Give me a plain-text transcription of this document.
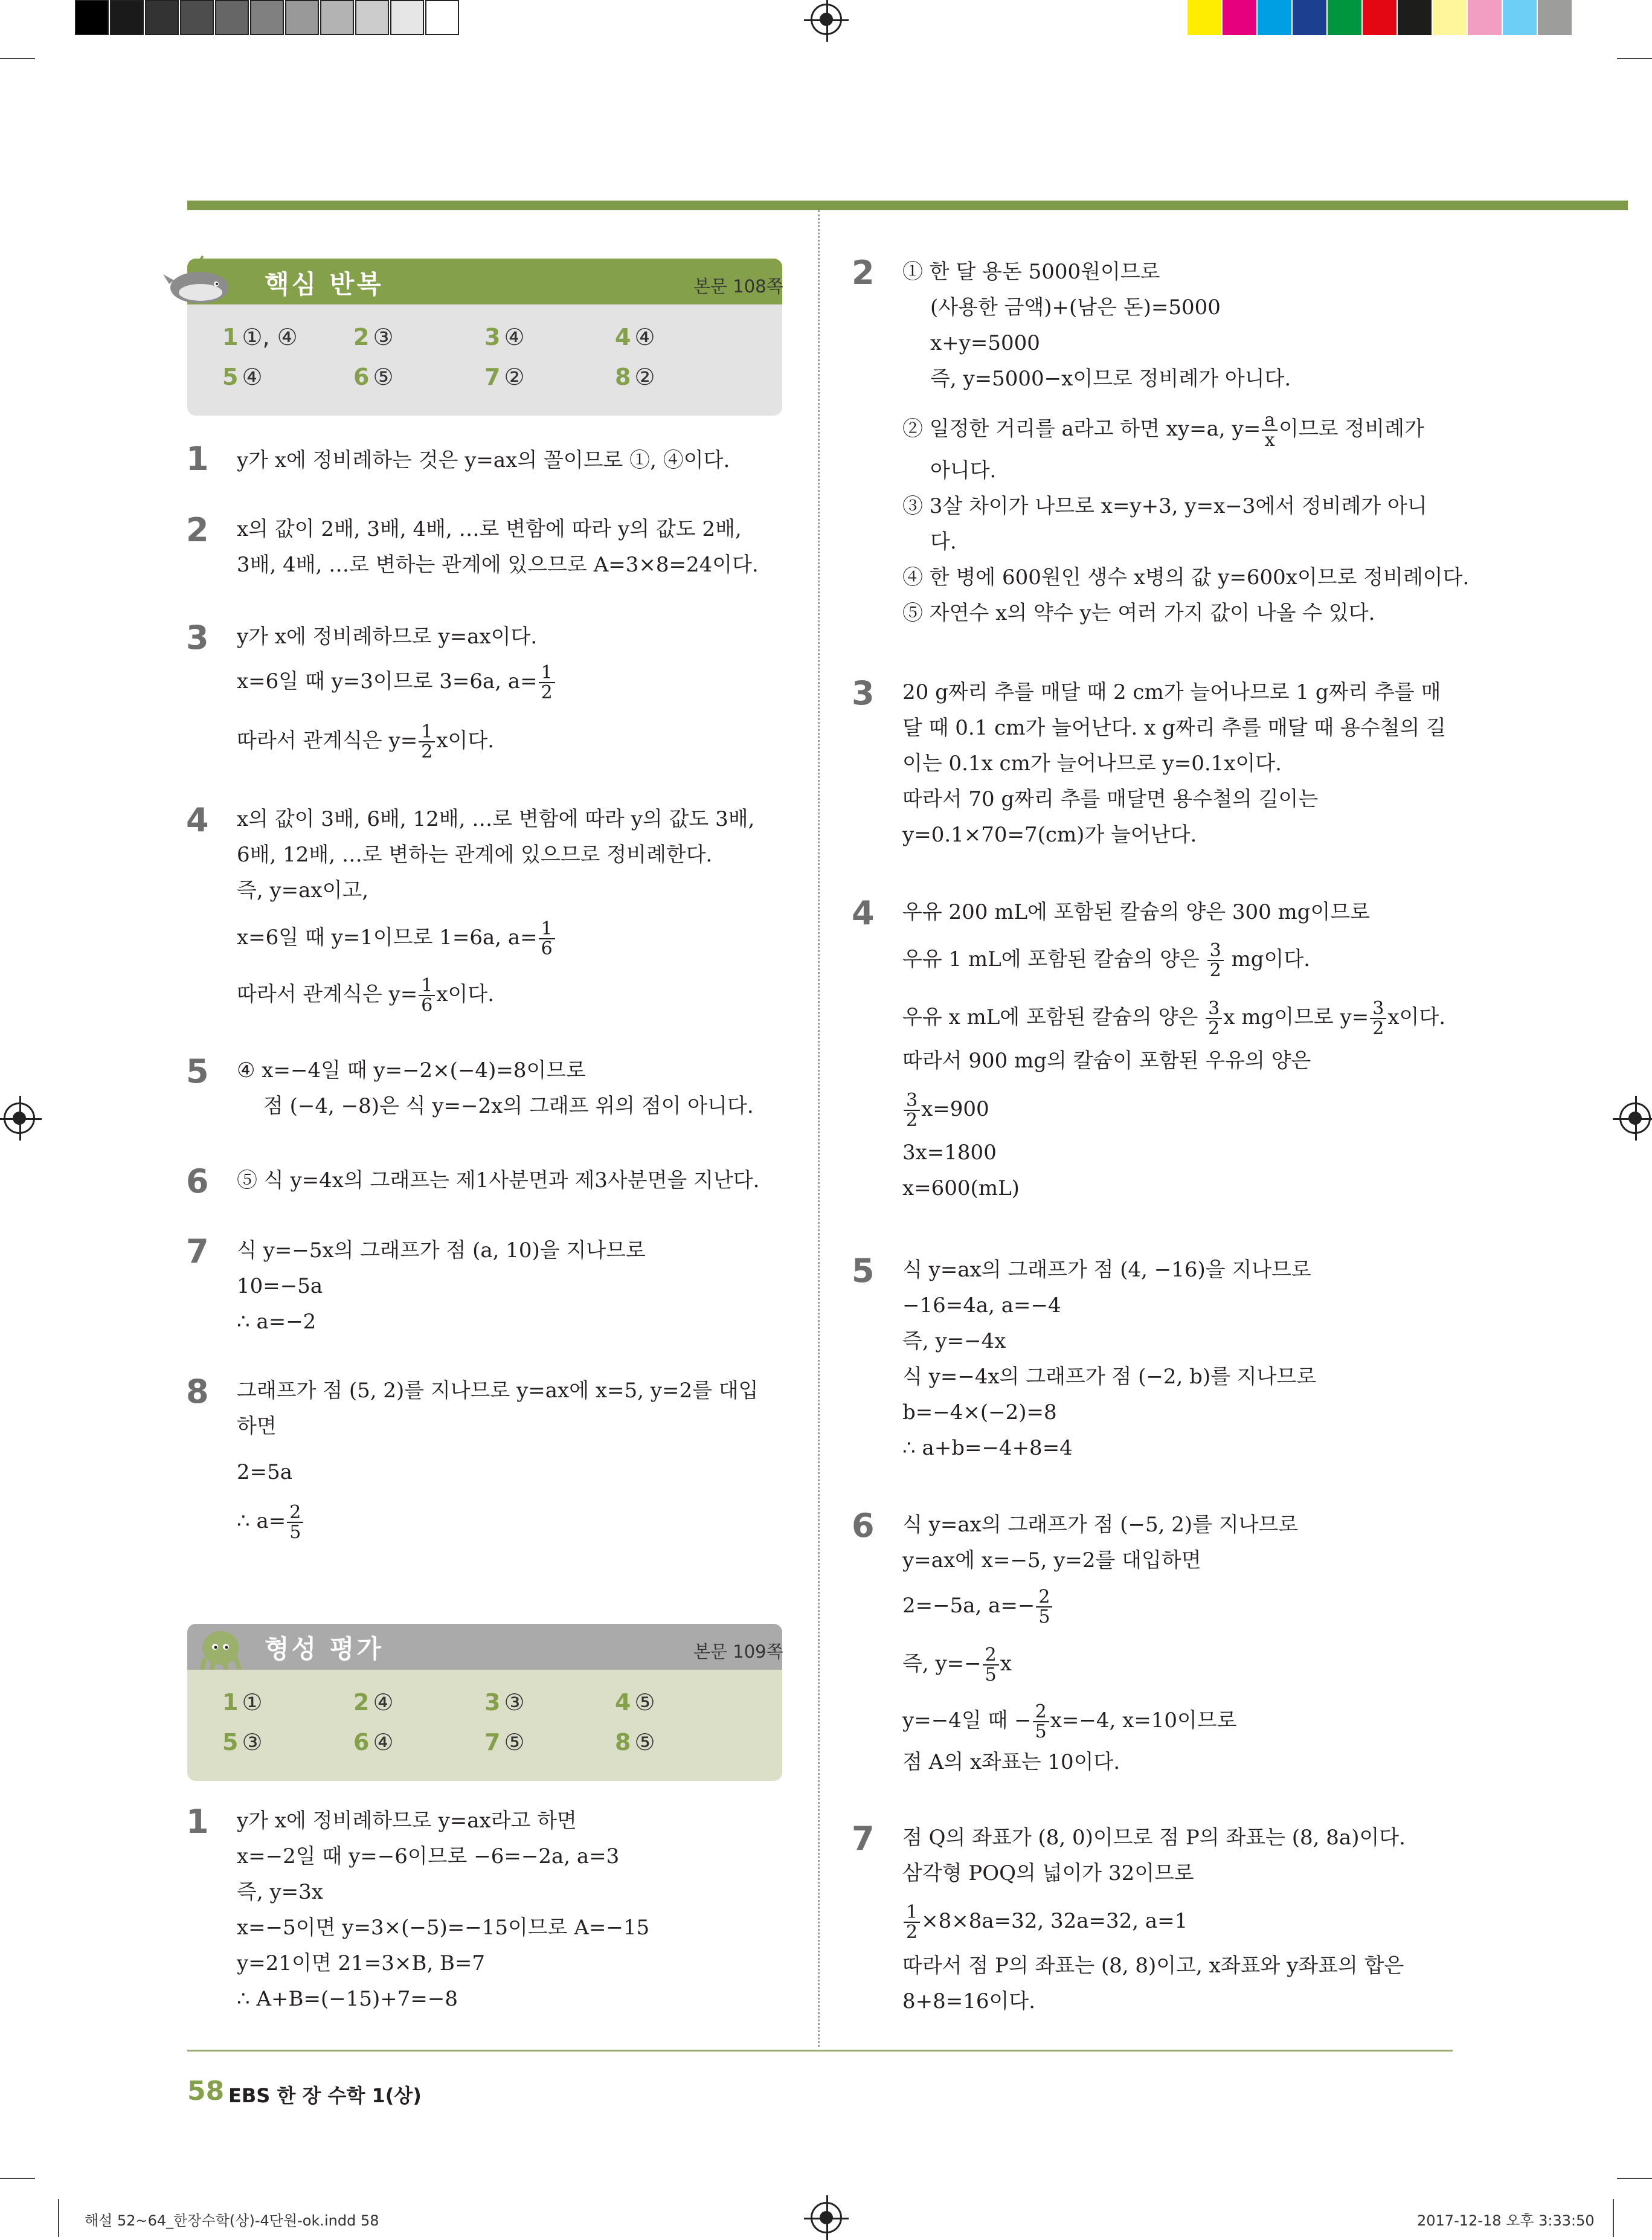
핵심 반복	본문 108쪽
1 ①, ④ 2 ③	3 ④	4 ④
5 ④	6 ⑤	7 ②	8 ②
1 y가 x에 정비례하는 것은 y=ax의 꼴이므로 ①, ④이다.
2 x의 값이 2배, 3배, 4배, …로 변함에 따라 y의 값도 2배,
3배, 4배, …로 변하는 관계에 있으므로 A=3×8=24이다.
3 y가 x에 정비례하므로 y=ax이다.
x=6일 때 y=3이므로 3=6a, $a= \frac{1}{2}$
따라서 관계식은 $y= \frac{1}{2}$ x이다.
4 x의 값이 3배, 6배, 12배, …로 변함에 따라 y의 값도 3배,
6배, 12배, …로 변하는 관계에 있으므로 정비례한다.
즉, y=ax이고,
x=6일 때 y=1이므로 1=6a, $a= \frac{1}{6}$
따라서 관계식은 $y= \frac{1}{6}$ x이다.
5 ④ x=−4일 때 y=−2×(−4)=8이므로
점 (−4, −8)은 식 y=−2x의 그래프 위의 점이 아니다.
6 ⑤ 식 y=4x의 그래프는 제1사분면과 제3사분면을 지난다.
7 식 y=−5x의 그래프가 점 (a, 10)을 지나므로
10=−5a
∴ a=−2
8 그래프가 점 (5, 2)를 지나므로 y=ax에 x=5, y=2를 대입
하면
2=5a
∴ $a= \frac{2}{5}$
형성 평가	본문 109쪽
1 ①	2 ④	3 ③	4 ⑤
5 ③	6 ④	7 ⑤	8 ⑤
1 y가 x에 정비례하므로 y=ax라고 하면
x=−2일 때 y=−6이므로 −6=−2a, a=3
즉, y=3x
x=−5이면 y=3×(−5)=−15이므로 A=−15
y=21이면 21=3×B, B=7
∴ A+B=(−15)+7=−8
2 ① 한 달 용돈 5000원이므로
(사용한 금액)+(남은 돈)=5000
x+y=5000
즉, y=5000−x이므로 정비례가 아니다.
② 일정한 거리를 a라고 하면 xy=a, $y= \frac{a}{x}$ 이므로 정비례가
아니다.
③ 3살 차이가 나므로 x=y+3, y=x−3에서 정비례가 아니
다.
④ 한 병에 600원인 생수 x병의 값 y=600x이므로 정비례이다.
⑤ 자연수 x의 약수 y는 여러 가지 값이 나올 수 있다.
3 20 g짜리 추를 매달 때 2 cm가 늘어나므로 1 g짜리 추를 매
달 때 0.1 cm가 늘어난다. x g짜리 추를 매달 때 용수철의 길
이는 0.1x cm가 늘어나므로 y=0.1x이다.
따라서 70 g짜리 추를 매달면 용수철의 길이는
y=0.1×70=7(cm)가 늘어난다.
4 우유 200 mL에 포함된 칼슘의 양은 300 mg이므로
우유 1 mL에 포함된 칼슘의 양은 $\frac{3}{2}$ mg이다.
우유 x mL에 포함된 칼슘의 양은 $\frac{3}{2}$ x mg이므로 $y= \frac{3}{2}$ x이다.
따라서 900 mg의 칼슘이 포함된 우유의 양은
$\frac{3}{2} x=900$
3x=1800
x=600(mL)
5 식 y=ax의 그래프가 점 (4, −16)을 지나므로
−16=4a, a=−4
즉, y=−4x
식 y=−4x의 그래프가 점 (−2, b)를 지나므로
b=−4×(−2)=8
∴ a+b=−4+8=4
6 식 y=ax의 그래프가 점 (−5, 2)를 지나므로
y=ax에 x=−5, y=2를 대입하면
2=−5a, $a=- \frac{2}{5}$
즉, $y=- \frac{2}{5}$ x
y=−4일 때 − $\frac{2}{5} x=-4$, x=10이므로
점 A의 x좌표는 10이다.
7 점 Q의 좌표가 (8, 0)이므로 점 P의 좌표는 (8, 8a)이다.
삼각형 POQ의 넓이가 32이므로
$\frac{1}{2} \times 8\times 8a=32$, 32a=32, a=1
따라서 점 P의 좌표는 (8, 8)이고, x좌표와 y좌표의 합은
8+8=16이다.
58 EBS 한 장 수학 1(상)
해설 52~64_한장수학(상)-4단원-ok.indd 58	2017-12-18 오후 3:33:50
